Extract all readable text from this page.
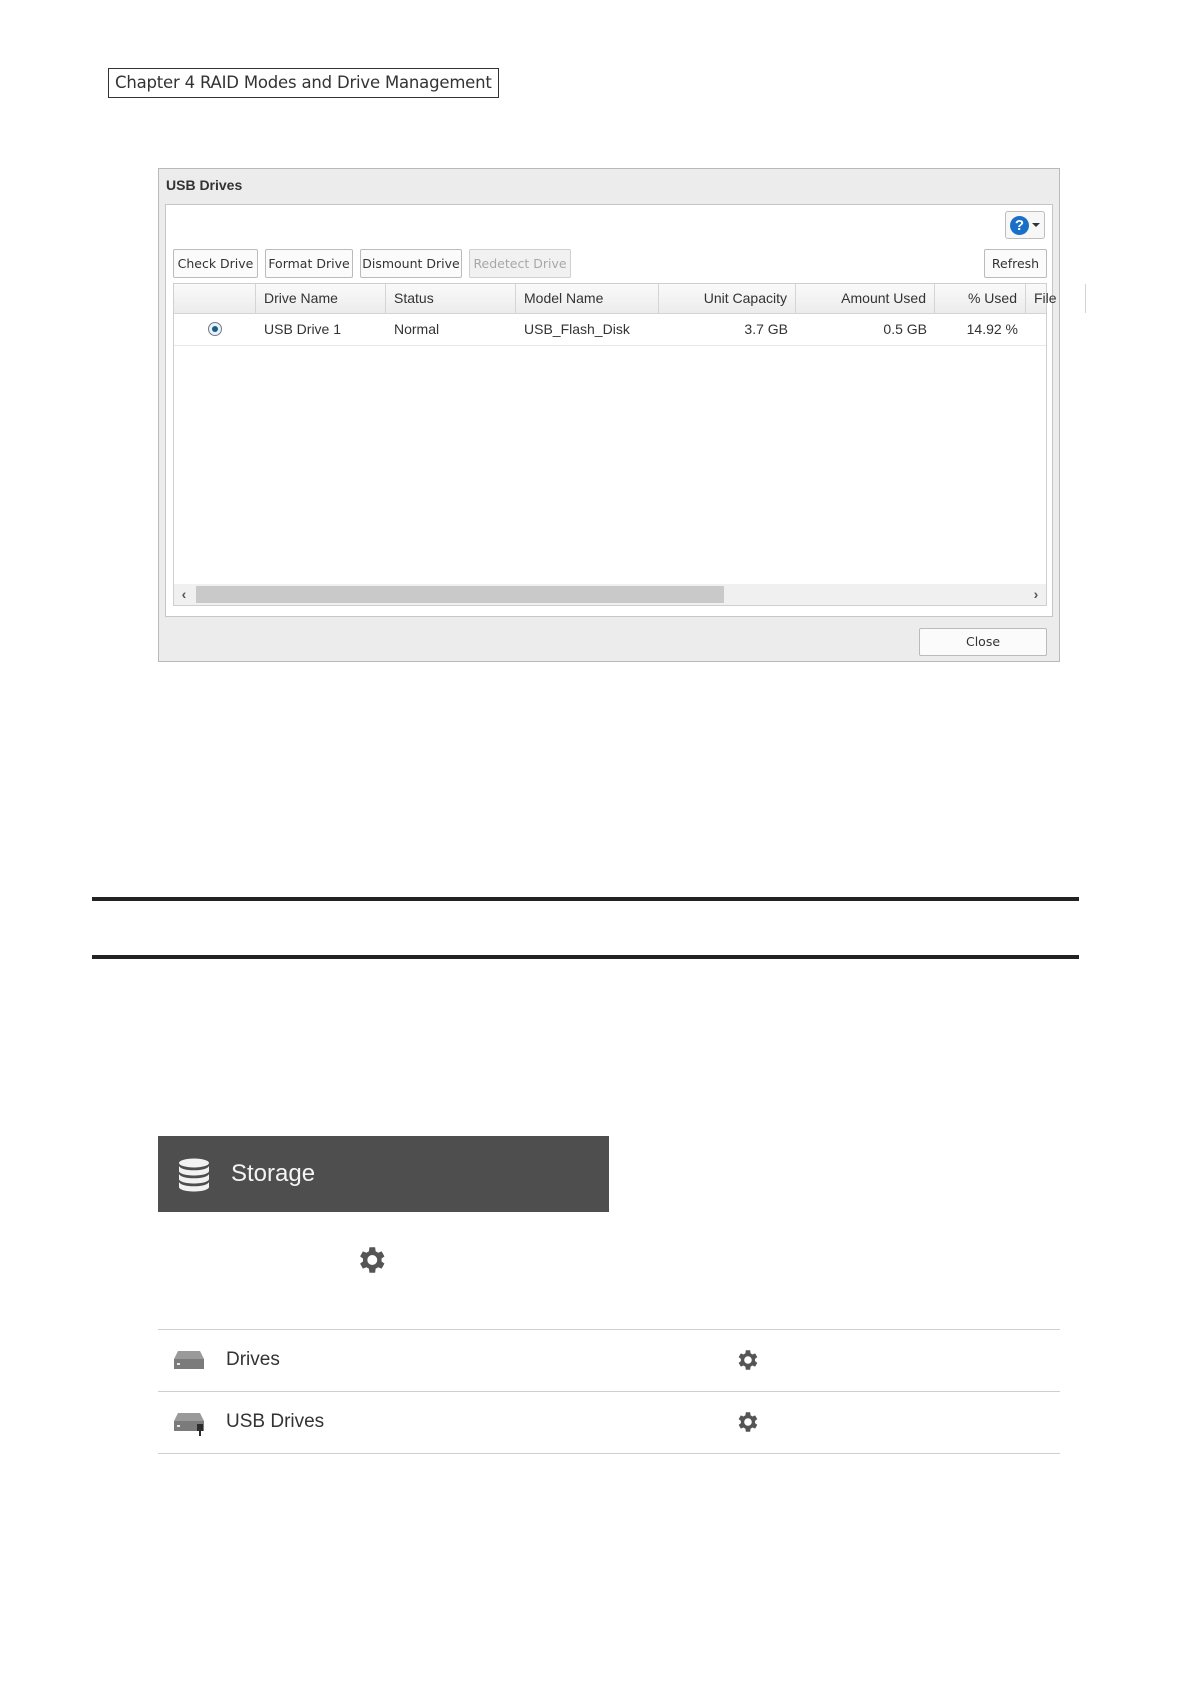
Chapter 4 RAID Modes and Drive Management
USB Drives
?
Check Drive	Format Drive Dismount Drive	Redetect Drive	Refresh
Drive Name	Status	Model Name	Unit Capacity	Amount Used	% Used	File
USB Drive 1	Normal	USB_Flash_Disk	3.7 GB	0.5 GB	14.92 %
‹	›
Close
Storage
Drives
USB Drives
